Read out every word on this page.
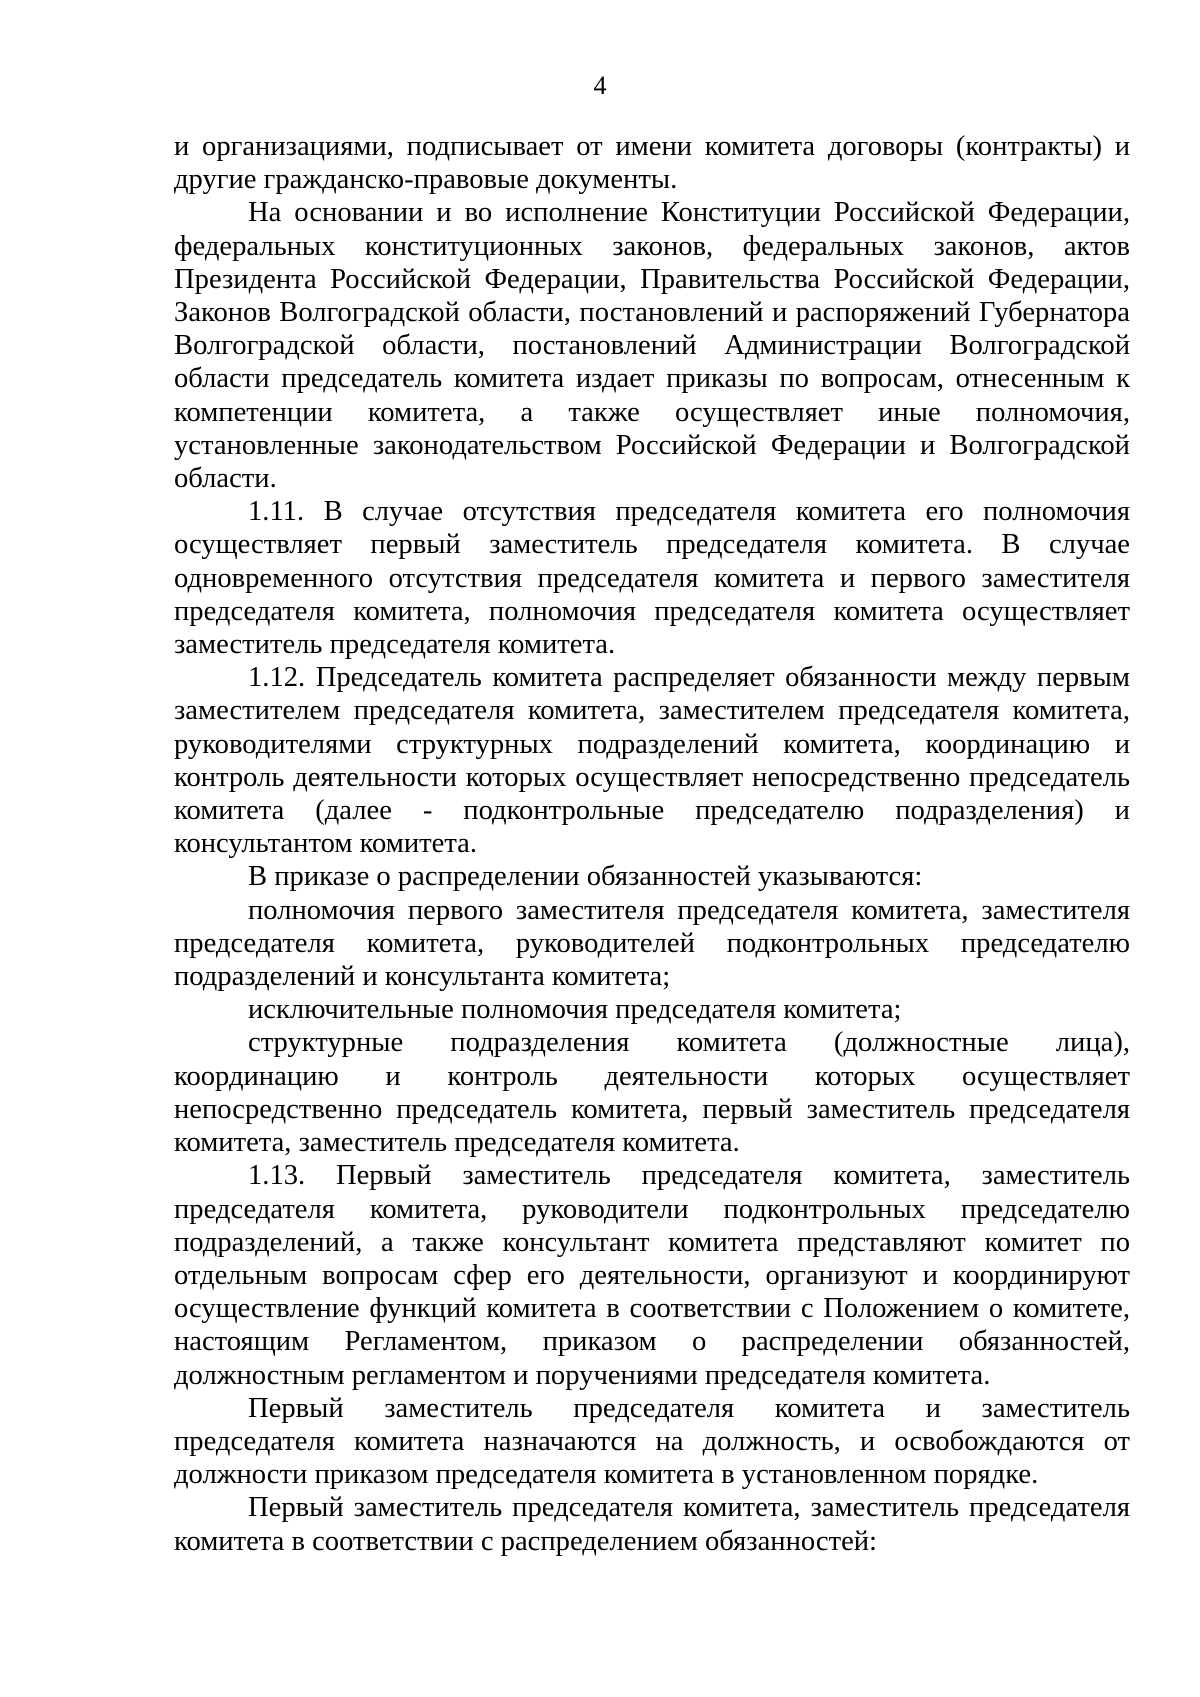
4

и организациями, подписывает от имени комитета договоры (контракты) и другие гражданско-правовые документы.

На основании и во исполнение Конституции Российской Федерации, федеральных конституционных законов, федеральных законов, актов Президента Российской Федерации, Правительства Российской Федерации, Законов Волгоградской области, постановлений и распоряжений Губернатора Волгоградской области, постановлений Администрации Волгоградской области председатель комитета издает приказы по вопросам, отнесенным к компетенции комитета, а также осуществляет иные полномочия, установленные законодательством Российской Федерации и Волгоградской области.

1.11. В случае отсутствия председателя комитета его полномочия осуществляет первый заместитель председателя комитета. В случае одновременного отсутствия председателя комитета и первого заместителя председателя комитета, полномочия председателя комитета осуществляет заместитель председателя комитета.

1.12. Председатель комитета распределяет обязанности между первым заместителем председателя комитета, заместителем председателя комитета, руководителями структурных подразделений комитета, координацию и контроль деятельности которых осуществляет непосредственно председатель комитета (далее - подконтрольные председателю подразделения) и консультантом комитета.

В приказе о распределении обязанностей указываются:

полномочия первого заместителя председателя комитета, заместителя председателя комитета, руководителей подконтрольных председателю подразделений и консультанта комитета;

исключительные полномочия председателя комитета;

структурные подразделения комитета (должностные лица), координацию и контроль деятельности которых осуществляет непосредственно председатель комитета, первый заместитель председателя комитета, заместитель председателя комитета.

1.13. Первый заместитель председателя комитета, заместитель председателя комитета, руководители подконтрольных председателю подразделений, а также консультант комитета представляют комитет по отдельным вопросам сфер его деятельности, организуют и координируют осуществление функций комитета в соответствии с Положением о комитете, настоящим Регламентом, приказом о распределении обязанностей, должностным регламентом и поручениями председателя комитета.

Первый заместитель председателя комитета и заместитель председателя комитета назначаются на должность, и освобождаются от должности приказом председателя комитета в установленном порядке.

Первый заместитель председателя комитета, заместитель председателя комитета в соответствии с распределением обязанностей:
